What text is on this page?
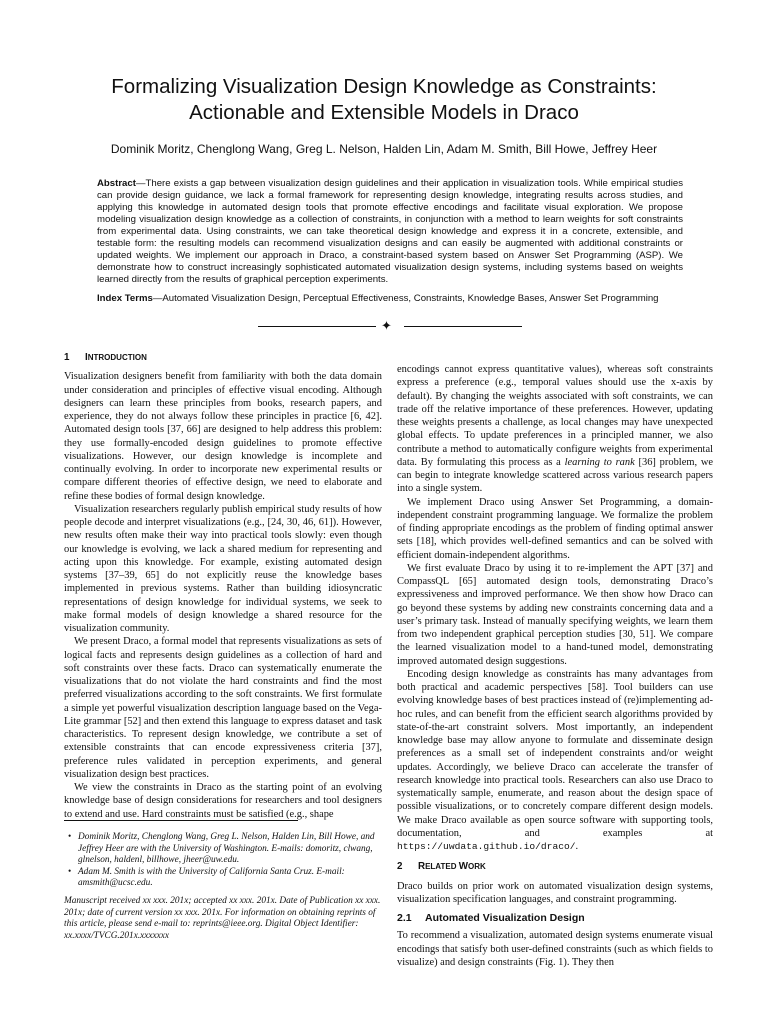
Formalizing Visualization Design Knowledge as Constraints:
Actionable and Extensible Models in Draco
Dominik Moritz, Chenglong Wang, Greg L. Nelson, Halden Lin, Adam M. Smith, Bill Howe, Jeffrey Heer
Abstract—There exists a gap between visualization design guidelines and their application in visualization tools. While empirical studies can provide design guidance, we lack a formal framework for representing design knowledge, integrating results across studies, and applying this knowledge in automated design tools that promote effective encodings and facilitate visual exploration. We propose modeling visualization design knowledge as a collection of constraints, in conjunction with a method to learn weights for soft constraints from experimental data. Using constraints, we can take theoretical design knowledge and express it in a concrete, extensible, and testable form: the resulting models can recommend visualization designs and can easily be augmented with additional constraints or updated weights. We implement our approach in Draco, a constraint-based system based on Answer Set Programming (ASP). We demonstrate how to construct increasingly sophisticated automated visualization design systems, including systems based on weights learned directly from the results of graphical perception experiments.
Index Terms—Automated Visualization Design, Perceptual Effectiveness, Constraints, Knowledge Bases, Answer Set Programming
✦
1 INTRODUCTION

Visualization designers benefit from familiarity with both the data domain under consideration and principles of effective visual encoding. Although designers can learn these principles from books, research papers, and experience, they do not always follow these principles in practice [6, 42]. Automated design tools [37, 66] are designed to help address this problem: they use formally-encoded design guidelines to promote effective visualizations. However, our design knowledge is incomplete and continually evolving. In order to incorporate new experimental results or compare different theories of effective design, we need to elaborate and refine these bodies of formal design knowledge.

Visualization researchers regularly publish empirical study results of how people decode and interpret visualizations (e.g., [24, 30, 46, 61]). However, new results often make their way into practical tools slowly: even though our knowledge is evolving, we lack a shared medium for representing and acting upon this knowledge. For example, existing automated design systems [37–39, 65] do not explicitly reuse the knowledge bases implemented in previous systems. Rather than building idiosyncratic representations of design knowledge for individual systems, we seek to make formal models of design knowledge a shared resource for the visualization community.

We present Draco, a formal model that represents visualizations as sets of logical facts and represents design guidelines as a collection of hard and soft constraints over these facts. Draco can systematically enumerate the visualizations that do not violate the hard constraints and find the most preferred visualizations according to the soft constraints. We first formulate a simple yet powerful visualization description language based on the Vega-Lite grammar [52] and then extend this language to express dataset and task characteristics. To represent design knowledge, we contribute a set of extensible constraints that can encode expressiveness criteria [37], preference rules validated in perception experiments, and general visualization design best practices.

We view the constraints in Draco as the starting point of an evolving knowledge base of design considerations for researchers and tool designers to extend and use. Hard constraints must be satisfied (e.g., shape

• Dominik Moritz, Chenglong Wang, Greg L. Nelson, Halden Lin, Bill Howe, and Jeffrey Heer are with the University of Washington. E-mails: domoritz, clwang, glnelson, haldenl, billhowe, jheer@uw.edu.
• Adam M. Smith is with the University of California Santa Cruz. E-mail: amsmith@ucsc.edu.
Manuscript received xx xxx. 201x; accepted xx xxx. 201x. Date of Publication xx xxx. 201x; date of current version xx xxx. 201x. For information on obtaining reprints of this article, please send e-mail to: reprints@ieee.org. Digital Object Identifier: xx.xxxx/TVCG.201x.xxxxxxx

encodings cannot express quantitative values), whereas soft constraints express a preference (e.g., temporal values should use the x-axis by default). By changing the weights associated with soft constraints, we can trade off the relative importance of these preferences. However, updating these weights presents a challenge, as local changes may have unexpected global effects. To update preferences in a principled manner, we also contribute a method to automatically configure weights from experimental data. By formulating this process as a learning to rank [36] problem, we can begin to integrate knowledge scattered across various research papers into a single system.

We implement Draco using Answer Set Programming, a domain-independent constraint programming language. We formalize the problem of finding appropriate encodings as the problem of finding optimal answer sets [18], which provides well-defined semantics and can be solved with efficient domain-independent algorithms.

We first evaluate Draco by using it to re-implement the APT [37] and CompassQL [65] automated design tools, demonstrating Draco’s expressiveness and improved performance. We then show how Draco can go beyond these systems by adding new constraints concerning data and a user’s primary task. Instead of manually specifying weights, we learn them from two independent graphical perception studies [30, 51]. We compare the learned visualization model to a hand-tuned model, demonstrating improved automated design suggestions.

Encoding design knowledge as constraints has many advantages from both practical and academic perspectives [58]. Tool builders can use evolving knowledge bases of best practices instead of (re)implementing ad-hoc rules, and can benefit from the efficient search algorithms provided by state-of-the-art constraint solvers. Most importantly, an independent knowledge base may allow anyone to formulate and disseminate design preferences as a small set of independent constraints and/or weight updates. Accordingly, we believe Draco can accelerate the transfer of research knowledge into practical tools. Researchers can also use Draco to systematically sample, enumerate, and reason about the design space of possible visualizations, or to concretely compare different design models. We make Draco available as open source software with supporting tools, documentation, and examples at https://uwdata.github.io/draco/.

2 RELATED WORK

Draco builds on prior work on automated visualization design systems, visualization specification languages, and constraint programming.

2.1 Automated Visualization Design

To recommend a visualization, automated design systems enumerate visual encodings that satisfy both user-defined constraints (such as which fields to visualize) and design constraints (Fig. 1). They then
